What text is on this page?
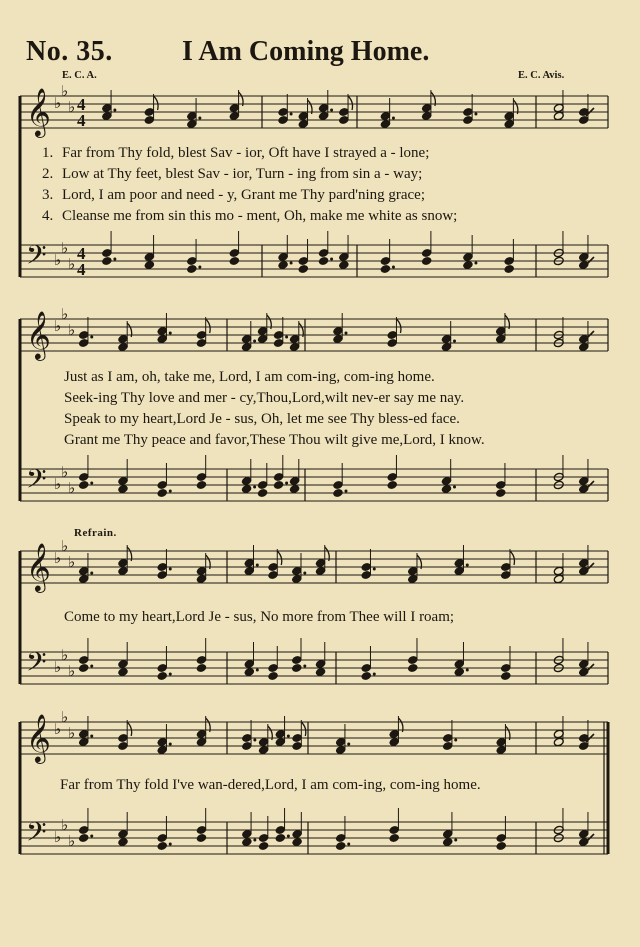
No. 35. I Am Coming Home.
E. C. A.	E. C. Avis.
𝄞
𝄢
♭
♭
♭
♭
♭
♭
4
4
4
4
𝄞
𝄢
♭
♭
♭
♭
♭
♭
𝄞
𝄢
♭
♭
♭
♭
♭
♭
𝄞
𝄢
♭
♭
♭
♭
♭
♭
1. Far from Thy fold, blest Sav - ior, Oft have I strayed a - lone;
2. Low at Thy feet, blest Sav - ior, Turn - ing from sin a - way;
3. Lord, I am poor and need - y, Grant me Thy pard'ning grace;
4. Cleanse me from sin this mo - ment, Oh, make me white as snow;
Just as I am, oh, take me, Lord, I am com-ing, com-ing home.
Seek-ing Thy love and mer - cy,Thou,Lord,wilt nev-er say me nay.
Speak to my heart,Lord Je - sus, Oh, let me see Thy bless-ed face.
Grant me Thy peace and favor,These Thou wilt give me,Lord, I know.
Refrain.
Come to my heart,Lord Je - sus, No more from Thee will I roam;
Far from Thy fold I've wan-dered,Lord, I am com-ing, com-ing home.
